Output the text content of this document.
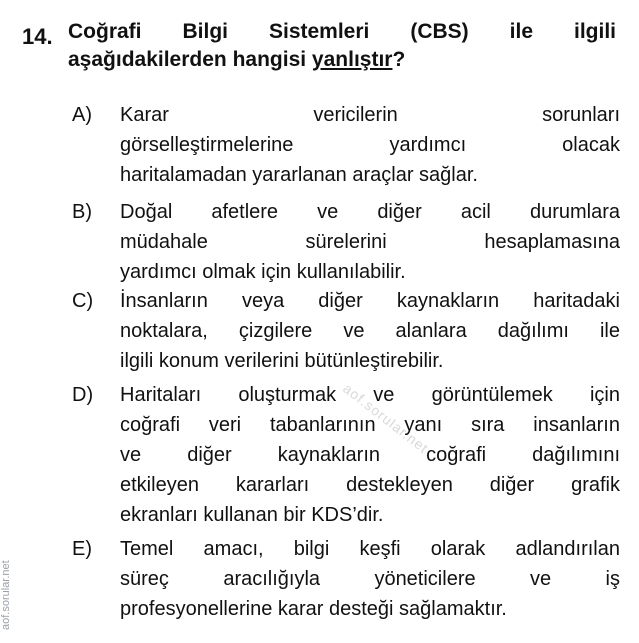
14. Coğrafi Bilgi Sistemleri (CBS) ile ilgili
aşağıdakilerden hangisi yanlıştır?
A)	Karar vericilerin sorunları
görselleştirmelerine yardımcı olacak
haritalamadan yararlanan araçlar sağlar.
B)	Doğal afetlere ve diğer acil durumlara
müdahale sürelerini hesaplamasına
yardımcı olmak için kullanılabilir.
C)	İnsanların veya diğer kaynakların haritadaki
noktalara, çizgilere ve alanlara dağılımı ile
ilgili konum verilerini bütünleştirebilir.
D)	Haritaları oluşturmak ve görüntülemek için
coğrafi veri tabanlarının yanı sıra insanların
ve diğer kaynakların coğrafi dağılımını
etkileyen kararları destekleyen diğer grafik
ekranları kullanan bir KDS’dir.
E)	Temel amacı, bilgi keşfi olarak adlandırılan
süreç aracılığıyla yöneticilere ve iş
profesyonellerine karar desteği sağlamaktır.
aof.sorular.net
aof.sorular.net
